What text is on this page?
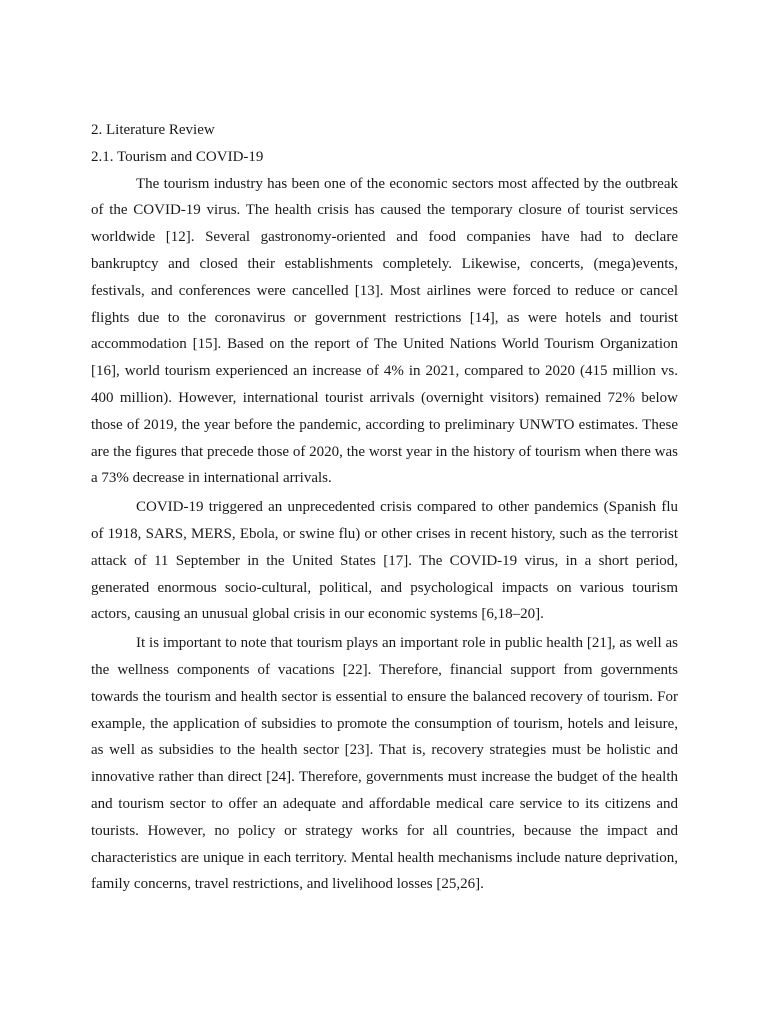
2. Literature Review

2.1. Tourism and COVID-19

The tourism industry has been one of the economic sectors most affected by the outbreak of the COVID-19 virus. The health crisis has caused the temporary closure of tourist services worldwide [12]. Several gastronomy-oriented and food companies have had to declare bankruptcy and closed their establishments completely. Likewise, concerts, (mega)events, festivals, and conferences were cancelled [13]. Most airlines were forced to reduce or cancel flights due to the coronavirus or government restrictions [14], as were hotels and tourist accommodation [15]. Based on the report of The United Nations World Tourism Organization [16], world tourism experienced an increase of 4% in 2021, compared to 2020 (415 million vs. 400 million). However, international tourist arrivals (overnight visitors) remained 72% below those of 2019, the year before the pandemic, according to preliminary UNWTO estimates. These are the figures that precede those of 2020, the worst year in the history of tourism when there was a 73% decrease in international arrivals.

COVID-19 triggered an unprecedented crisis compared to other pandemics (Spanish flu of 1918, SARS, MERS, Ebola, or swine flu) or other crises in recent history, such as the terrorist attack of 11 September in the United States [17]. The COVID-19 virus, in a short period, generated enormous socio-cultural, political, and psychological impacts on various tourism actors, causing an unusual global crisis in our economic systems [6,18–20].

It is important to note that tourism plays an important role in public health [21], as well as the wellness components of vacations [22]. Therefore, financial support from governments towards the tourism and health sector is essential to ensure the balanced recovery of tourism. For example, the application of subsidies to promote the consumption of tourism, hotels and leisure, as well as subsidies to the health sector [23]. That is, recovery strategies must be holistic and innovative rather than direct [24]. Therefore, governments must increase the budget of the health and tourism sector to offer an adequate and affordable medical care service to its citizens and tourists. However, no policy or strategy works for all countries, because the impact and characteristics are unique in each territory. Mental health mechanisms include nature deprivation, family concerns, travel restrictions, and livelihood losses [25,26].
